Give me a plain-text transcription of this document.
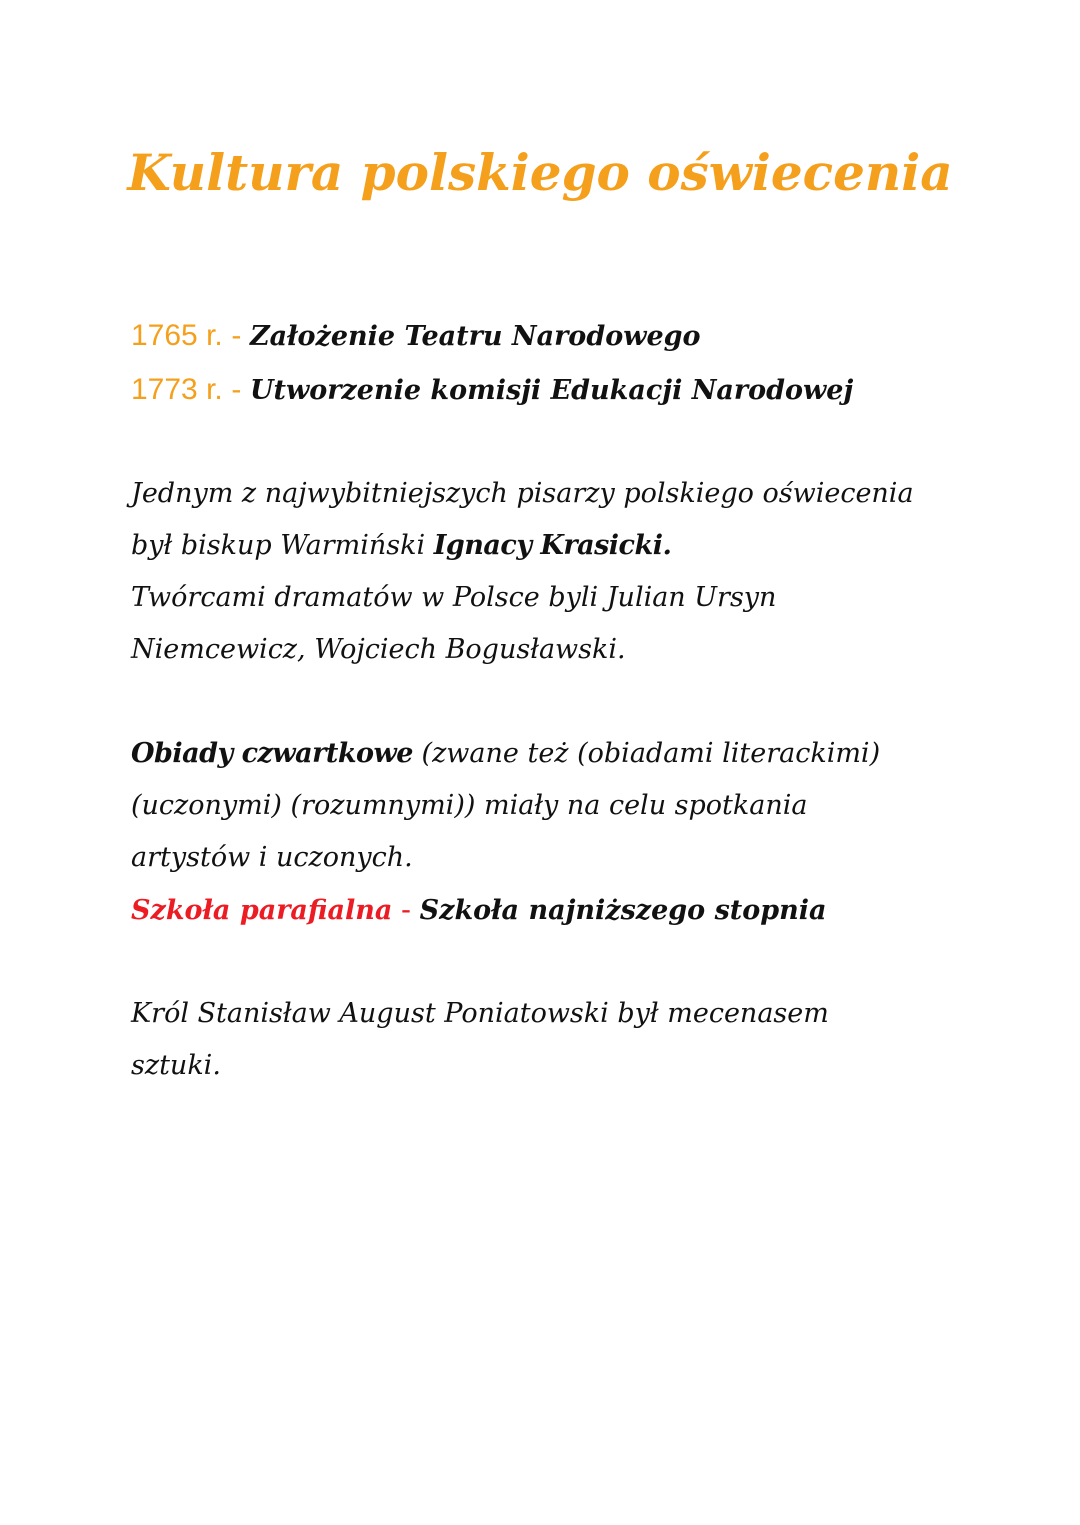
Kultura polskiego oświecenia
1765 r. - Założenie Teatru Narodowego
1773 r. - Utworzenie komisji Edukacji Narodowej
Jednym z najwybitniejszych pisarzy polskiego oświecenia
był biskup Warmiński Ignacy Krasicki.
Twórcami dramatów w Polsce byli Julian Ursyn
Niemcewicz, Wojciech Bogusławski.
Obiady czwartkowe (zwane też (obiadami literackimi)
(uczonymi) (rozumnymi)) miały na celu spotkania
artystów i uczonych.
Szkoła parafialna - Szkoła najniższego stopnia
Król Stanisław August Poniatowski był mecenasem
sztuki.
